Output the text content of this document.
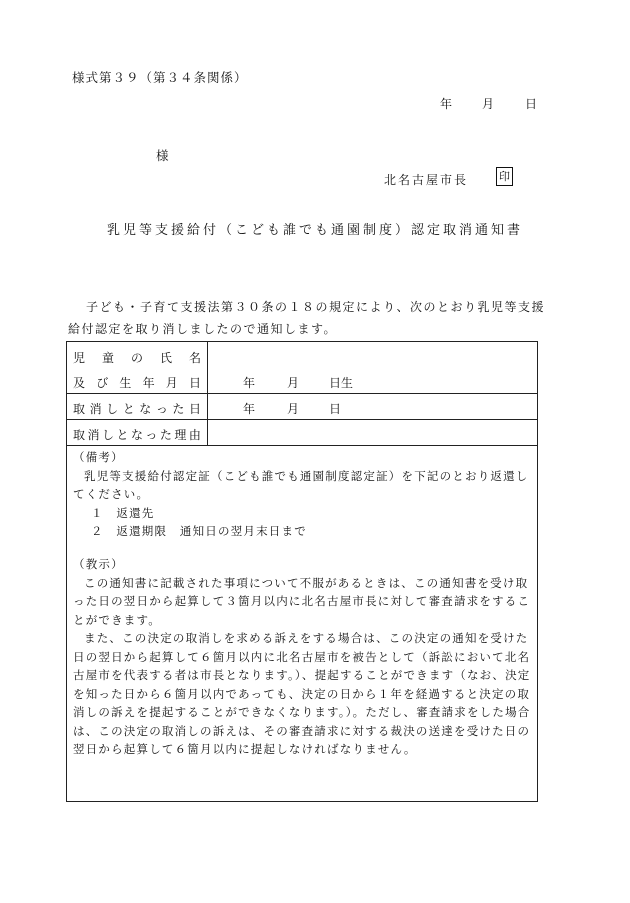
様式第３９（第３４条関係）
年 月	日
様
北名古屋市長	印
乳児等支援給付（こども誰でも通園制度）認定取消通知書
子ども・子育て支援法第３０条の１８の規定により、次のとおり乳児等支援給付認定を取り消しましたので通知します。
児 童 の 氏 名
及 び 生 年 月 日	年	月 日生
取 消 し と な っ た 日	年	月 日
取 消 し と な っ た 理 由
（備考）
乳児等支援給付認定証（こども誰でも通園制度認定証）を下記のとおり返還してください。
１　返還先
２　返還期限　通知日の翌月末日まで
（教示）
この通知書に記載された事項について不服があるときは、この通知書を受け取った日の翌日から起算して３箇月以内に北名古屋市長に対して審査請求をすることができます。
また、この決定の取消しを求める訴えをする場合は、この決定の通知を受けた日の翌日から起算して６箇月以内に北名古屋市を被告として（訴訟において北名古屋市を代表する者は市長となります。）、提起することができます（なお、決定を知った日から６箇月以内であっても、決定の日から１年を経過すると決定の取消しの訴えを提起することができなくなります。）。ただし、審査請求をした場合は、この決定の取消しの訴えは、その審査請求に対する裁決の送達を受けた日の翌日から起算して６箇月以内に提起しなければなりません。
